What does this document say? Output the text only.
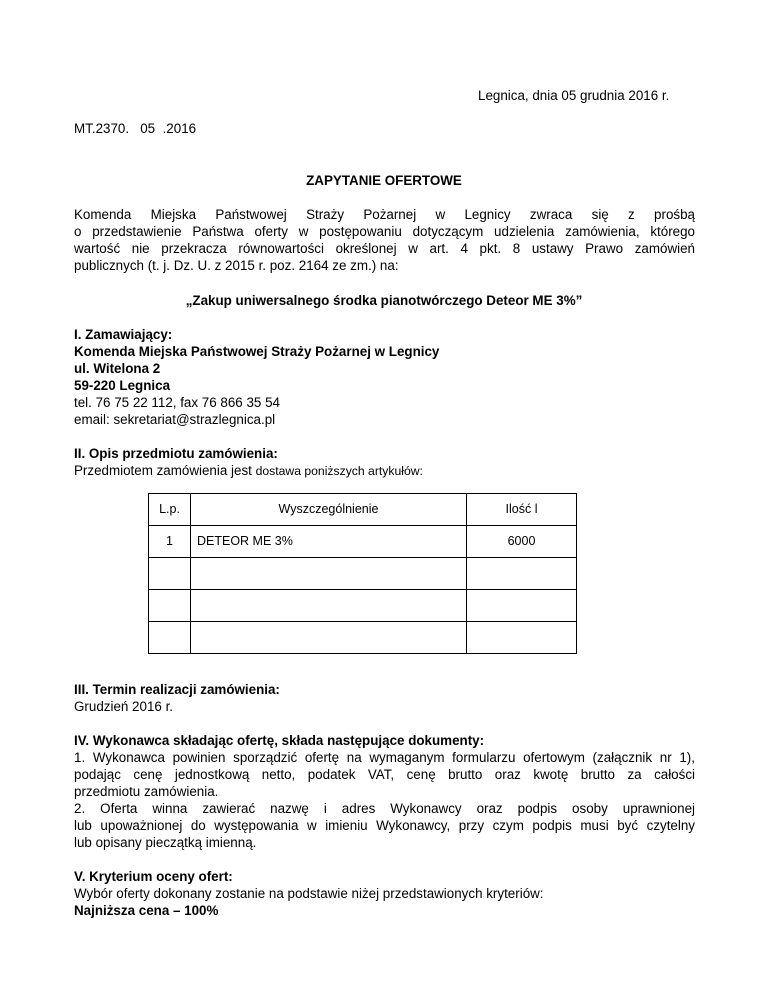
Legnica, dnia 05 grudnia 2016 r.
MT.2370.   05  .2016
ZAPYTANIE OFERTOWE
Komenda Miejska Państwowej Straży Pożarnej w Legnicy zwraca się z prośbą
o przedstawienie Państwa oferty w postępowaniu dotyczącym udzielenia zamówienia, którego
wartość nie przekracza równowartości określonej w art. 4 pkt. 8 ustawy Prawo zamówień
publicznych (t. j. Dz. U. z 2015 r. poz. 2164 ze zm.) na:
„Zakup uniwersalnego środka pianotwórczego Deteor ME 3%”
I. Zamawiający:
Komenda Miejska Państwowej Straży Pożarnej w Legnicy
ul. Witelona 2
59-220 Legnica
tel. 76 75 22 112, fax 76 866 35 54
email: sekretariat@strazlegnica.pl
II. Opis przedmiotu zamówienia:
Przedmiotem zamówienia jest dostawa poniższych artykułów:
L.p.	Wyszczególnienie	Ilość l
1	DETEOR ME 3%	6000

III. Termin realizacji zamówienia:
Grudzień 2016 r.
IV. Wykonawca składając ofertę, składa następujące dokumenty:
1. Wykonawca powinien sporządzić ofertę na wymaganym formularzu ofertowym (załącznik nr 1),
podając cenę jednostkową netto, podatek VAT, cenę brutto oraz kwotę brutto za całości
przedmiotu zamówienia.
2. Oferta winna zawierać nazwę i adres Wykonawcy oraz podpis osoby uprawnionej
lub upoważnionej do występowania w imieniu Wykonawcy, przy czym podpis musi być czytelny
lub opisany pieczątką imienną.
V. Kryterium oceny ofert:
Wybór oferty dokonany zostanie na podstawie niżej przedstawionych kryteriów:
Najniższa cena – 100%
